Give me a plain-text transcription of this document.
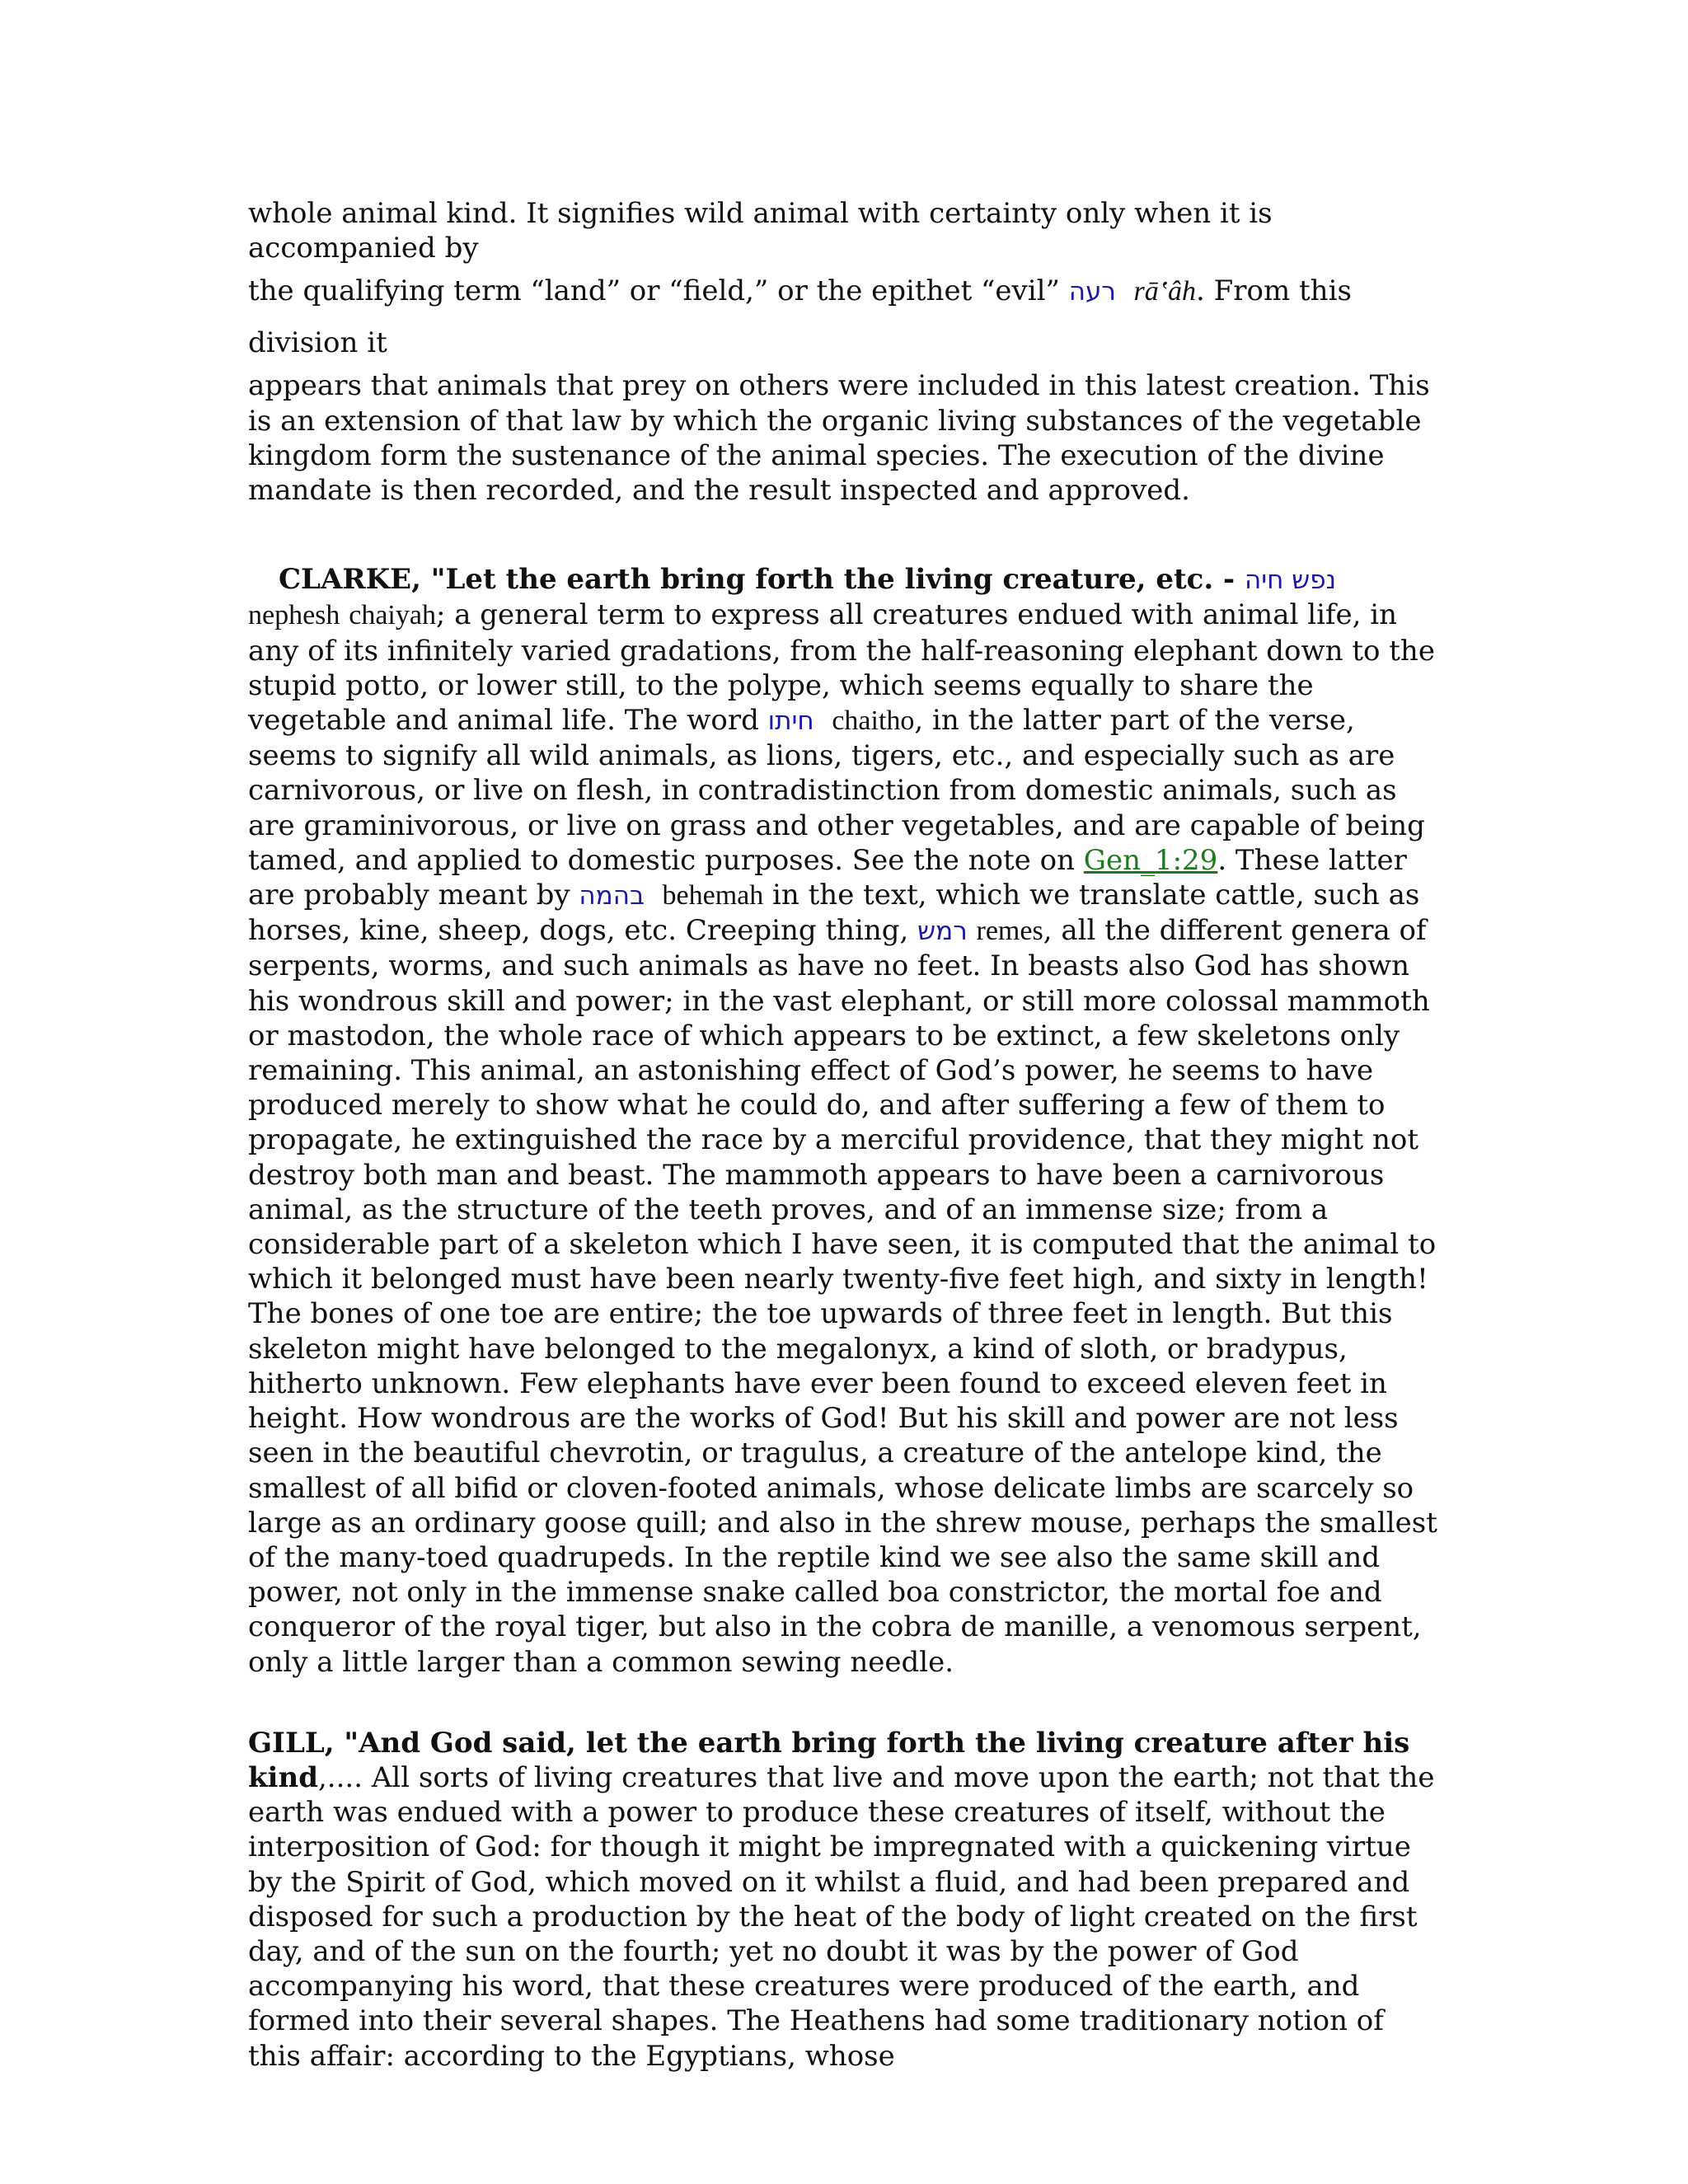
whole animal kind. It signifies wild animal with certainty only when it is accompanied by
the qualifying term “land” or “field,” or the epithet “evil” רעה rā‛âh. From this division it
appears that animals that prey on others were included in this latest creation. This is an extension of that law by which the organic living substances of the vegetable kingdom form the sustenance of the animal species. The execution of the divine mandate is then recorded, and the result inspected and approved.

CLARKE, "Let the earth bring forth the living creature, etc. - נפש חיה  nephesh chaiyah; a general term to express all creatures endued with animal life, in any of its infinitely varied gradations, from the half-reasoning elephant down to the stupid potto, or lower still, to the polype, which seems equally to share the vegetable and animal life. The word חיתו chaitho, in the latter part of the verse, seems to signify all wild animals, as lions, tigers, etc., and especially such as are carnivorous, or live on flesh, in contradistinction from domestic animals, such as are graminivorous, or live on grass and other vegetables, and are capable of being tamed, and applied to domestic purposes. See the note on Gen_1:29. These latter are probably meant by בהמה behemah in the text, which we translate cattle, such as horses, kine, sheep, dogs, etc. Creeping thing, רמש remes, all the different genera of serpents, worms, and such animals as have no feet. In beasts also God has shown his wondrous skill and power; in the vast elephant, or still more colossal mammoth or mastodon, the whole race of which appears to be extinct, a few skeletons only remaining. This animal, an astonishing effect of God’s power, he seems to have produced merely to show what he could do, and after suffering a few of them to propagate, he extinguished the race by a merciful providence, that they might not destroy both man and beast. The mammoth appears to have been a carnivorous animal, as the structure of the teeth proves, and of an immense size; from a considerable part of a skeleton which I have seen, it is computed that the animal to which it belonged must have been nearly twenty-five feet high, and sixty in length! The bones of one toe are entire; the toe upwards of three feet in length. But this skeleton might have belonged to the megalonyx, a kind of sloth, or bradypus, hitherto unknown. Few elephants have ever been found to exceed eleven feet in height. How wondrous are the works of God! But his skill and power are not less seen in the beautiful chevrotin, or tragulus, a creature of the antelope kind, the smallest of all bifid or cloven-footed animals, whose delicate limbs are scarcely so large as an ordinary goose quill; and also in the shrew mouse, perhaps the smallest of the many-toed quadrupeds. In the reptile kind we see also the same skill and power, not only in the immense snake called boa constrictor, the mortal foe and conqueror of the royal tiger, but also in the cobra de manille, a venomous serpent, only a little larger than a common sewing needle.

GILL, "And God said, let the earth bring forth the living creature after his kind,.... All sorts of living creatures that live and move upon the earth; not that the earth was endued with a power to produce these creatures of itself, without the interposition of God: for though it might be impregnated with a quickening virtue by the Spirit of God, which moved on it whilst a fluid, and had been prepared and disposed for such a production by the heat of the body of light created on the first day, and of the sun on the fourth; yet no doubt it was by the power of God accompanying his word, that these creatures were produced of the earth, and formed into their several shapes. The Heathens had some traditionary notion of this affair: according to the Egyptians, whose
